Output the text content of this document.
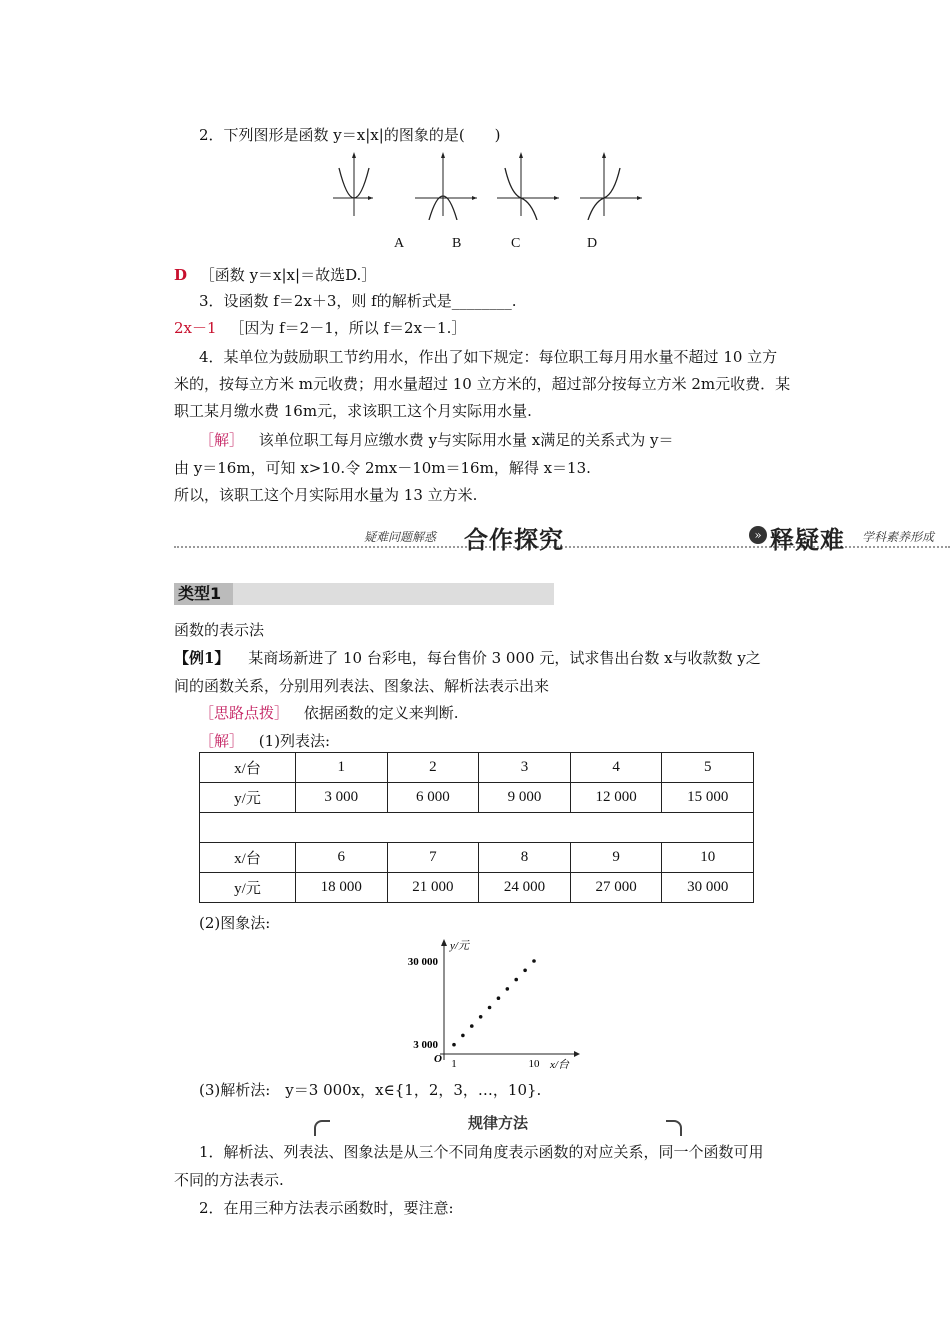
2．下列图形是函数 y＝x|x|的图象的是(　　)
A	B	C	D
D ［函数 y＝x|x|＝故选D.］
3．设函数 f＝2x＋3，则 f的解析式是________.
2x－1 ［因为 f＝2－1，所以 f＝2x－1.］
4．某单位为鼓励职工节约用水，作出了如下规定：每位职工每月用水量不超过 10 立方
米的，按每立方米 m元收费；用水量超过 10 立方米的，超过部分按每立方米 2m元收费．某
职工某月缴水费 16m元，求该职工这个月实际用水量.
［解］ 该单位职工每月应缴水费 y与实际用水量 x满足的关系式为 y＝
由 y＝16m，可知 x>10.令 2mx－10m＝16m，解得 x＝13.
所以，该职工这个月实际用水量为 13 立方米.
疑难问题解惑 合作探究	» 释疑难 学科素养形成
类型1
函数的表示法
【例1】 某商场新进了 10 台彩电，每台售价 3 000 元，试求售出台数 x与收款数 y之
间的函数关系，分别用列表法、图象法、解析法表示出来
［思路点拨］ 依据函数的定义来判断.
［解］ (1)列表法:
x/台	1	2	3	4	5
y/元	3 000	6 000	9 000	12 000	15 000

x/台	6	7	8	9	10
y/元	18 000	21 000	24 000	27 000	30 000
(2)图象法:
y/元
x/台
O
3 000
30 000
1	10
(3)解析法:　y＝3 000x，x∈{1，2，3，…，10}.
规律方法
1．解析法、列表法、图象法是从三个不同角度表示函数的对应关系，同一个函数可用
不同的方法表示.
2．在用三种方法表示函数时，要注意:
